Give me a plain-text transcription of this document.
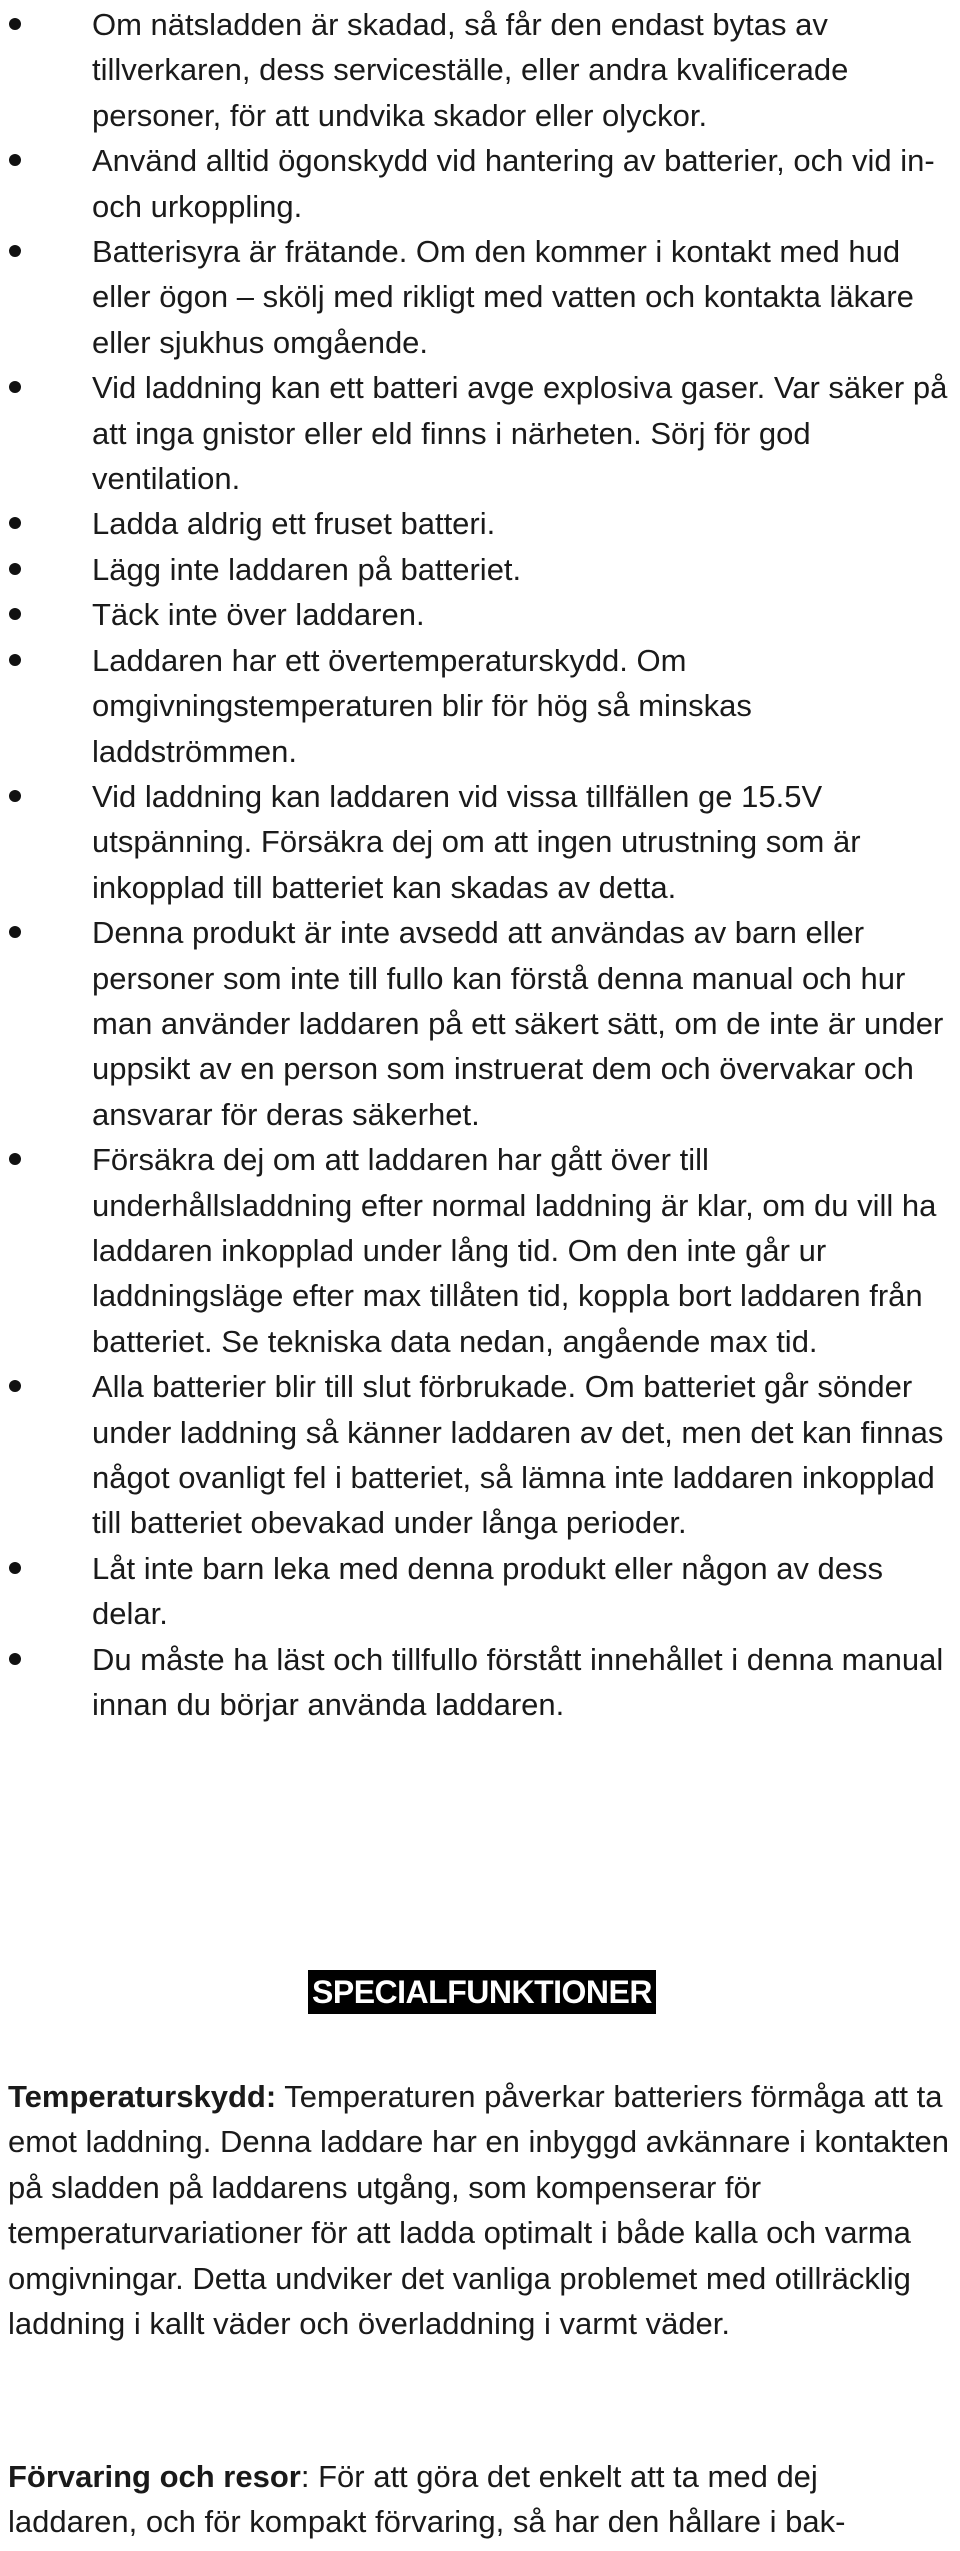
Om nätsladden är skadad, så får den endast bytas av tillverkaren, dess serviceställe, eller andra kvalificerade personer, för att undvika skador eller olyckor.
Använd alltid ögonskydd vid hantering av batterier, och vid in- och urkoppling.
Batterisyra är frätande. Om den kommer i kontakt med hud eller ögon – skölj med rikligt med vatten och kontakta läkare eller sjukhus omgående.
Vid laddning kan ett batteri avge explosiva gaser. Var säker på att inga gnistor eller eld finns i närheten. Sörj för god ventilation.
Ladda aldrig ett fruset batteri.
Lägg inte laddaren på batteriet.
Täck inte över laddaren.
Laddaren har ett övertemperaturskydd. Om omgivningstemperaturen blir för hög så minskas laddströmmen.
Vid laddning kan laddaren vid vissa tillfällen ge 15.5V utspänning. Försäkra dej om att ingen utrustning som är inkopplad till batteriet kan skadas av detta.
Denna produkt är inte avsedd att användas av barn eller personer som inte till fullo kan förstå denna manual och hur man använder laddaren på ett säkert sätt, om de inte är under uppsikt av en person som instruerat dem och övervakar och ansvarar för deras säkerhet.
Försäkra dej om att laddaren har gått över till underhållsladdning efter normal laddning är klar, om du vill ha laddaren inkopplad under lång tid. Om den inte går ur laddningsläge efter max tillåten tid, koppla bort laddaren från batteriet. Se tekniska data nedan, angående max tid.
Alla batterier blir till slut förbrukade. Om batteriet går sönder under laddning så känner laddaren av det, men det kan finnas något ovanligt fel i batteriet, så lämna inte laddaren inkopplad till batteriet obevakad under långa perioder.
Låt inte barn leka med denna produkt eller någon av dess delar.
Du måste ha läst och tillfullo förstått innehållet i denna manual innan du börjar använda laddaren.
SPECIALFUNKTIONER

Temperaturskydd: Temperaturen påverkar batteriers förmåga att ta emot laddning. Denna laddare har en inbyggd avkännare i kontakten på sladden på laddarens utgång, som kompenserar för temperaturvariationer för att ladda optimalt i både kalla och varma omgivningar. Detta undviker det vanliga problemet med otillräcklig laddning i kallt väder och överladdning i varmt väder.

Förvaring och resor: För att göra det enkelt att ta med dej laddaren, och för kompakt förvaring, så har den hållare i bak-
